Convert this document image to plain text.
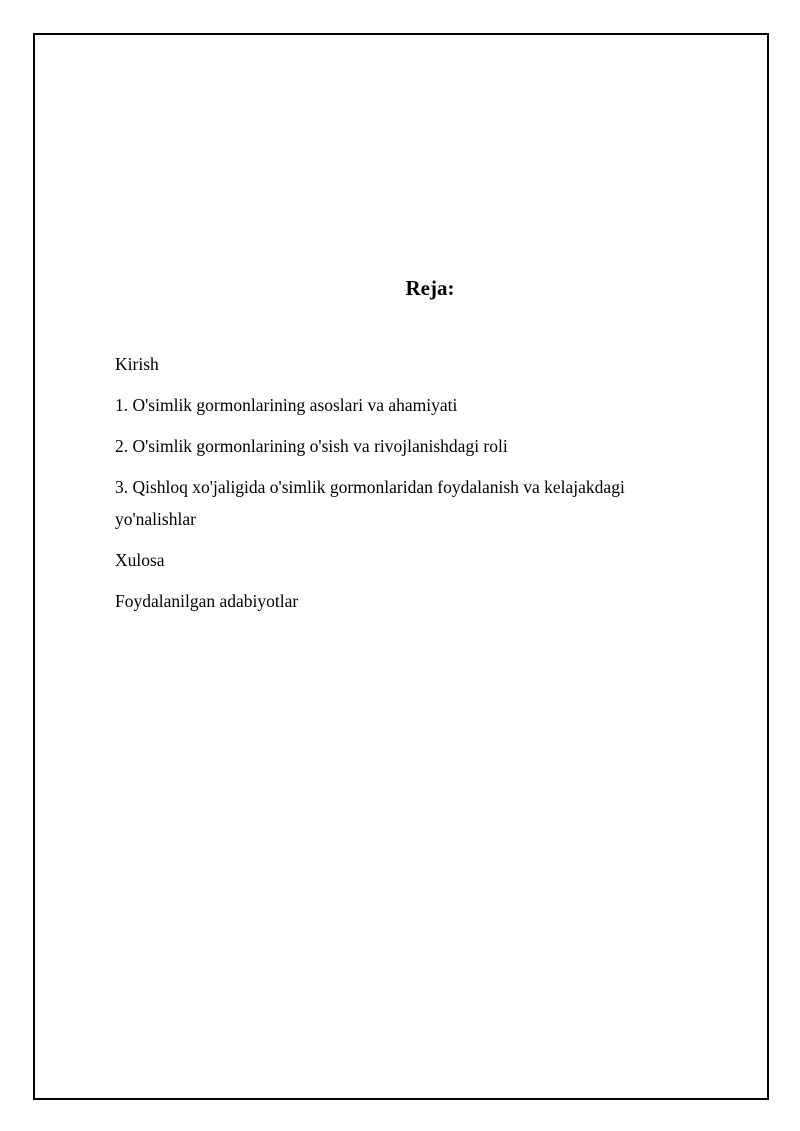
Reja:
Kirish
1. O'simlik gormonlarining asoslari va ahamiyati
2. O'simlik gormonlarining o'sish va rivojlanishdagi roli
3. Qishloq xo'jaligida o'simlik gormonlaridan foydalanish va kelajakdagi yo'nalishlar
Xulosa
Foydalanilgan adabiyotlar
